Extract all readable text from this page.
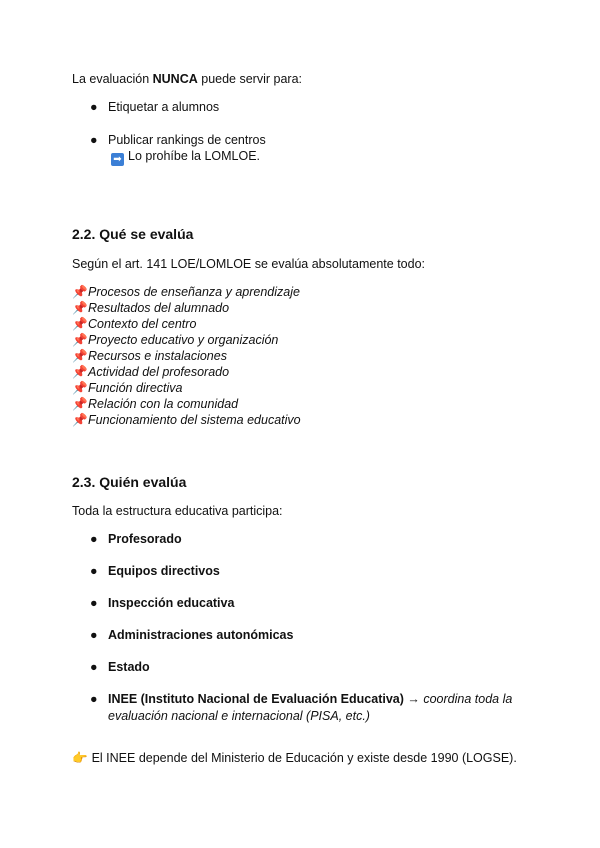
La evaluación NUNCA puede servir para:
● Etiquetar a alumnos
● Publicar rankings de centros
➡ Lo prohíbe la LOMLOE.
2.2. Qué se evalúa
Según el art. 141 LOE/LOMLOE se evalúa absolutamente todo:
📌Procesos de enseñanza y aprendizaje
📌Resultados del alumnado
📌Contexto del centro
📌Proyecto educativo y organización
📌Recursos e instalaciones
📌Actividad del profesorado
📌Función directiva
📌Relación con la comunidad
📌Funcionamiento del sistema educativo
2.3. Quién evalúa
Toda la estructura educativa participa:
● Profesorado
● Equipos directivos
● Inspección educativa
● Administraciones autonómicas
● Estado
● INEE (Instituto Nacional de Evaluación Educativa) → coordina toda la
evaluación nacional e internacional (PISA, etc.)
👉 El INEE depende del Ministerio de Educación y existe desde 1990 (LOGSE).
